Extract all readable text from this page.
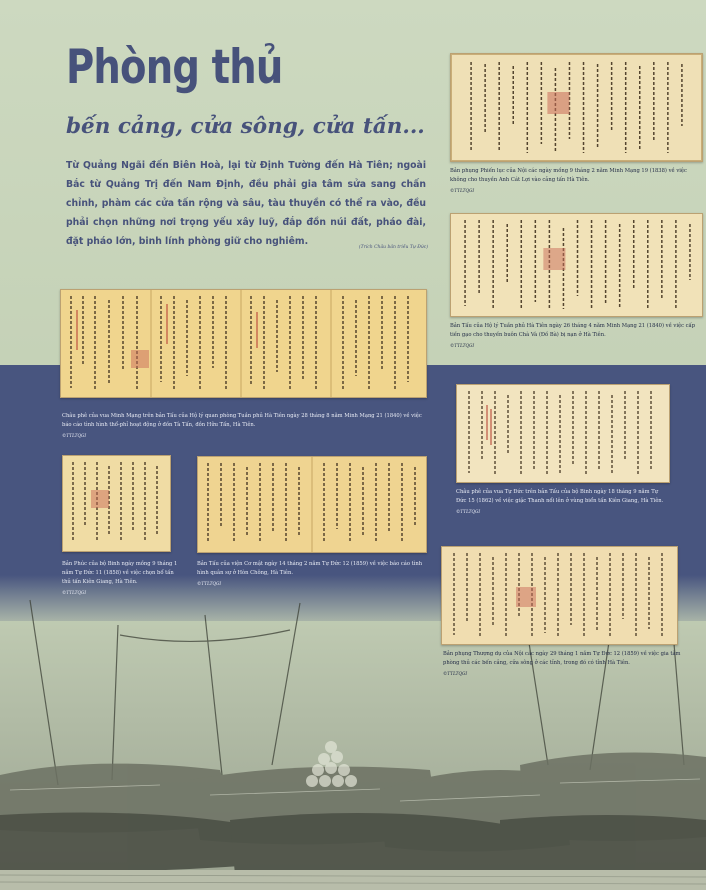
Phòng thủ
bến cảng, cửa sông, cửa tấn...

Từ Quảng Ngãi đến Biên Hoà, lại từ Định Tường đến Hà Tiên; ngoài Bắc từ Quảng Trị đến Nam Định, đều phải gia tâm sửa sang chấn chỉnh, phàm các cửa tấn rộng và sâu, tàu thuyền có thể ra vào, đều phải chọn những nơi trọng yếu xây luỹ, đắp đồn núi đất, pháo đài, đặt pháo lớn, binh lính phòng giữ cho nghiêm.

(Trích Châu bản triều Tự Đức)

Bản phụng Phiến lục của Nội các ngày mồng 9 tháng 2 năm Minh Mạng 19 (1838) về việc không cho thuyền Anh Cát Lợi vào cảng tấn Hà Tiên.
©TTLTQGI

Bản Tấu của Hộ lý Tuần phủ Hà Tiên ngày 26 tháng 4 năm Minh Mạng 21 (1840) về việc cấp tiền gạo cho thuyền buôn Chà Và (Đồ Bà) bị nạn ở Hà Tiên.
©TTLTQGI

Châu phê của vua Minh Mạng trên bản Tấu của Hộ lý quan phòng Tuần phủ Hà Tiên ngày 28 tháng 8 năm Minh Mạng 21 (1840) về việc báo cáo tình hình thổ-phỉ hoạt động ở đồn Tà Tấn, đồn Hữu Tấn, Hà Tiên.
©TTLTQGI

Châu phê của vua Tự Đức trên bản Tấu của bộ Binh ngày 18 tháng 9 năm Tự Đức 15 (1862) về việc giặc Thanh nổi lên ở vùng biển tấn Kiên Giang, Hà Tiên.
©TTLTQGI

Bản Phúc của bộ Binh ngày mồng 9 tháng 1 năm Tự Đức 11 (1858) về việc chọn bổ tấn thủ tấn Kiên Giang, Hà Tiên.
©TTLTQGI

Bản Tấu của viện Cơ mật ngày 14 tháng 2 năm Tự Đức 12 (1859) về việc báo cáo tình hình quân sự ở Hòn Chông, Hà Tiên.
©TTLTQGI

Bản phụng Thượng dụ của Nội các ngày 29 tháng 1 năm Tự Đức 12 (1859) về việc gia tâm phòng thủ các bến cảng, cửa sông ở các tỉnh, trong đó có tỉnh Hà Tiên.
©TTLTQGI
